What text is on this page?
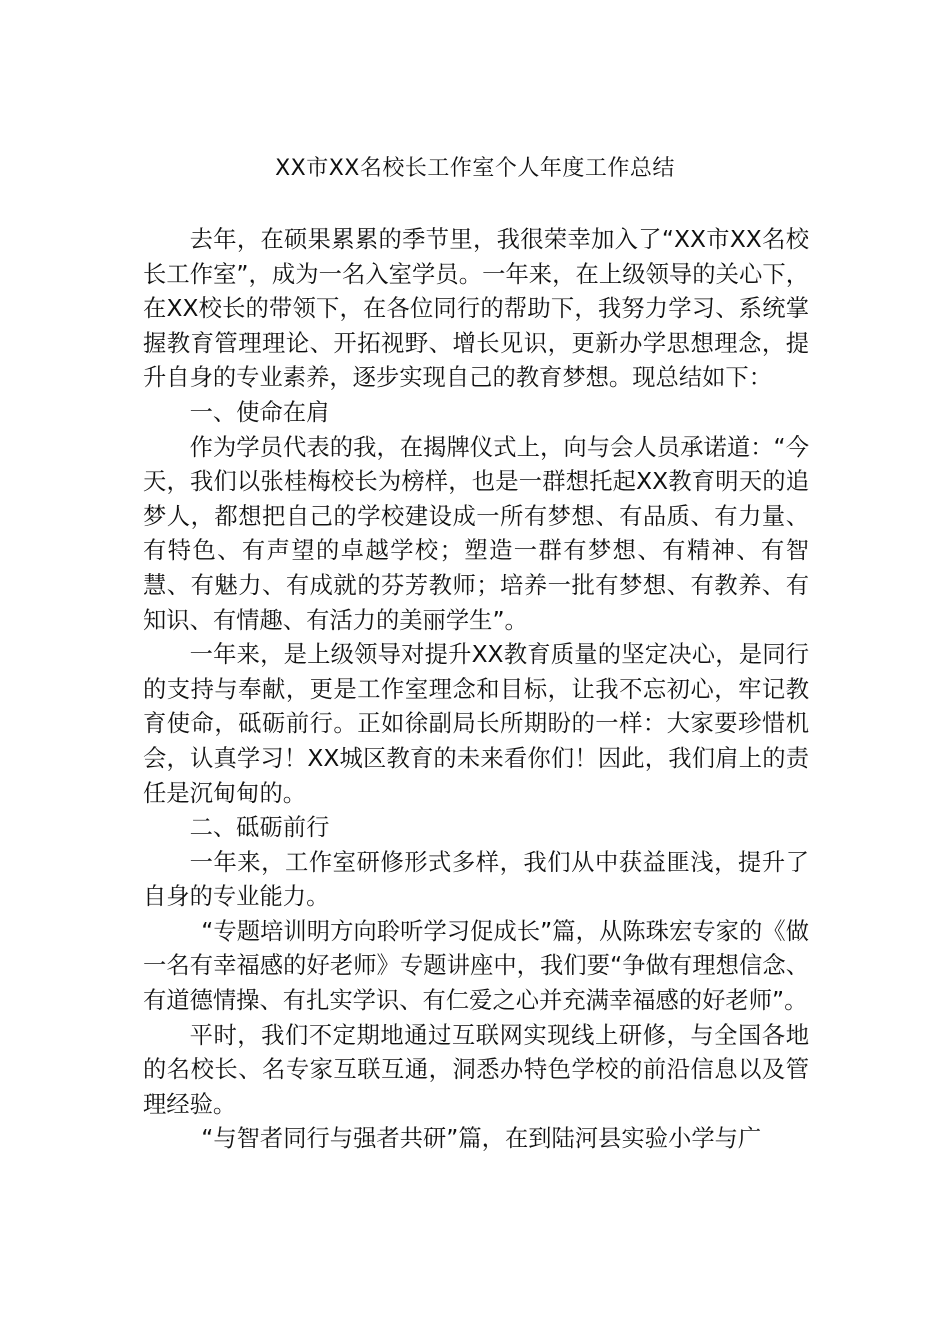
XX市XX名校长工作室个人年度工作总结

去年，在硕果累累的季节里，我很荣幸加入了“XX市XX名校长工作室”，成为一名入室学员。一年来，在上级领导的关心下，在XX校长的带领下，在各位同行的帮助下，我努力学习、系统掌握教育管理理论、开拓视野、增长见识，更新办学思想理念，提升自身的专业素养，逐步实现自己的教育梦想。现总结如下：

一、使命在肩

作为学员代表的我，在揭牌仪式上，向与会人员承诺道：“今天，我们以张桂梅校长为榜样，也是一群想托起XX教育明天的追梦人，都想把自己的学校建设成一所有梦想、有品质、有力量、有特色、有声望的卓越学校；塑造一群有梦想、有精神、有智慧、有魅力、有成就的芬芳教师；培养一批有梦想、有教养、有知识、有情趣、有活力的美丽学生”。

一年来，是上级领导对提升XX教育质量的坚定决心，是同行的支持与奉献，更是工作室理念和目标，让我不忘初心，牢记教育使命，砥砺前行。正如徐副局长所期盼的一样：大家要珍惜机会，认真学习！XX城区教育的未来看你们！因此，我们肩上的责任是沉甸甸的。

二、砥砺前行

一年来，工作室研修形式多样，我们从中获益匪浅，提升了自身的专业能力。

“专题培训明方向聆听学习促成长”篇，从陈珠宏专家的《做一名有幸福感的好老师》专题讲座中，我们要“争做有理想信念、有道德情操、有扎实学识、有仁爱之心并充满幸福感的好老师”。

平时，我们不定期地通过互联网实现线上研修，与全国各地的名校长、名专家互联互通，洞悉办特色学校的前沿信息以及管理经验。

“与智者同行与强者共研”篇，在到陆河县实验小学与广
